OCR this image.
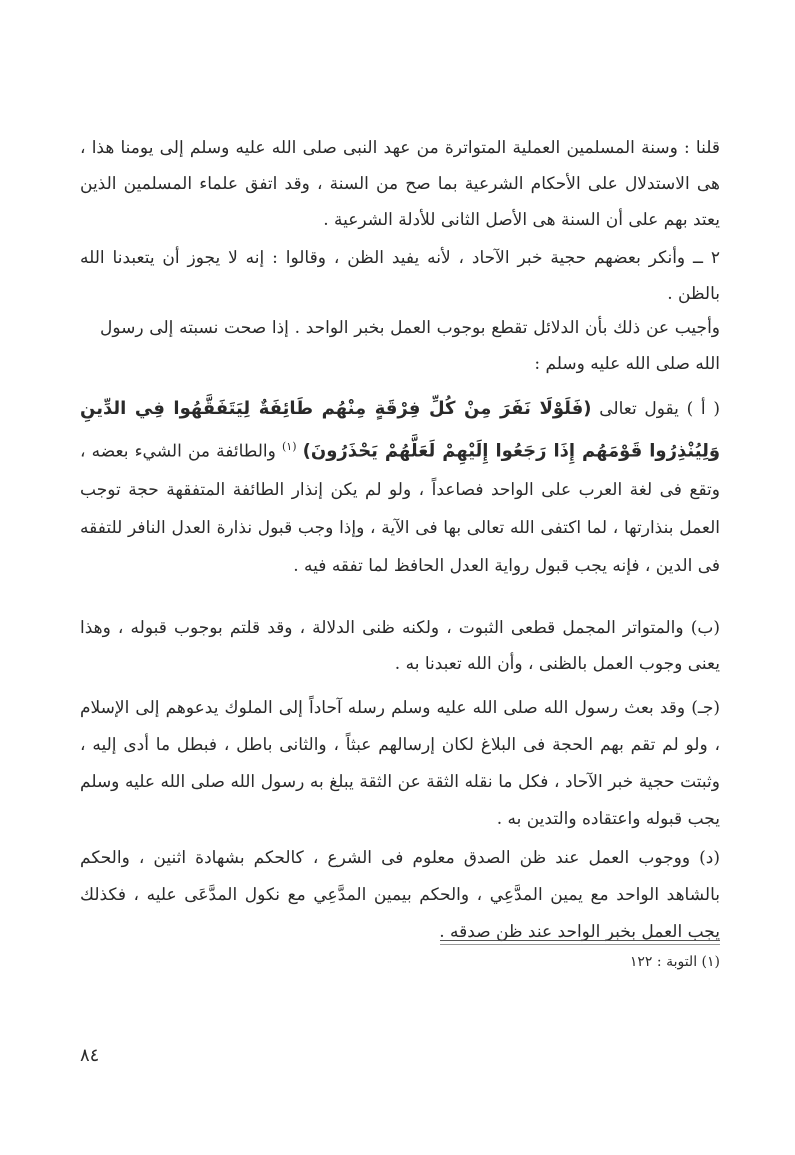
قلنا : وسنة المسلمين العملية المتواترة من عهد النبى صلى الله عليه وسلم إلى يومنا هذا ، هى الاستدلال على الأحكام الشرعية بما صح من السنة ، وقد اتفق علماء المسلمين الذين يعتد بهم على أن السنة هى الأصل الثانى للأدلة الشرعية .

٢ ــ وأنكر بعضهم حجية خبر الآحاد ، لأنه يفيد الظن ، وقالوا : إنه لا يجوز أن يتعبدنا الله بالظن .

وأجيب عن ذلك بأن الدلائل تقطع بوجوب العمل بخبر الواحد . إذا صحت نسبته إلى رسول الله صلى الله عليه وسلم :

( أ ) يقول تعالى (فَلَوْلَا نَفَرَ مِنْ كُلِّ فِرْقَةٍ مِنْهُم طَائِفَةٌ لِيَتَفَقَّهُوا فِي الدِّينِ وَلِيُنْذِرُوا قَوْمَهُم إِذَا رَجَعُوا إِلَيْهِمْ لَعَلَّهُمْ يَحْذَرُونَ) $^{(١)}$ والطائفة من الشيء بعضه ، وتقع فى لغة العرب على الواحد فصاعداً ، ولو لم يكن إنذار الطائفة المتفقهة حجة توجب العمل بنذارتها ، لما اكتفى الله تعالى بها فى الآية ، وإذا وجب قبول نذارة العدل النافر للتفقه فى الدين ، فإنه يجب قبول رواية العدل الحافظ لما تفقه فيه .

(ب) والمتواتر المجمل قطعى الثبوت ، ولكنه ظنى الدلالة ، وقد قلتم بوجوب قبوله ، وهذا يعنى وجوب العمل بالظنى ، وأن الله تعبدنا به .

(جـ) وقد بعث رسول الله صلى الله عليه وسلم رسله آحاداً إلى الملوك يدعوهم إلى الإسلام ، ولو لم تقم بهم الحجة فى البلاغ لكان إرسالهم عبثاً ، والثانى باطل ، فبطل ما أدى إليه ، وثبتت حجية خبر الآحاد ، فكل ما نقله الثقة عن الثقة يبلغ به رسول الله صلى الله عليه وسلم يجب قبوله واعتقاده والتدين به .

(د) ووجوب العمل عند ظن الصدق معلوم فى الشرع ، كالحكم بشهادة اثنين ، والحكم بالشاهد الواحد مع يمين المدَّعِي ، والحكم بيمين المدَّعِي مع نكول المدَّعَى عليه ، فكذلك يجب العمل بخبر الواحد عند ظن صدقه .

(١) التوبة : ١٢٢
٨٤
